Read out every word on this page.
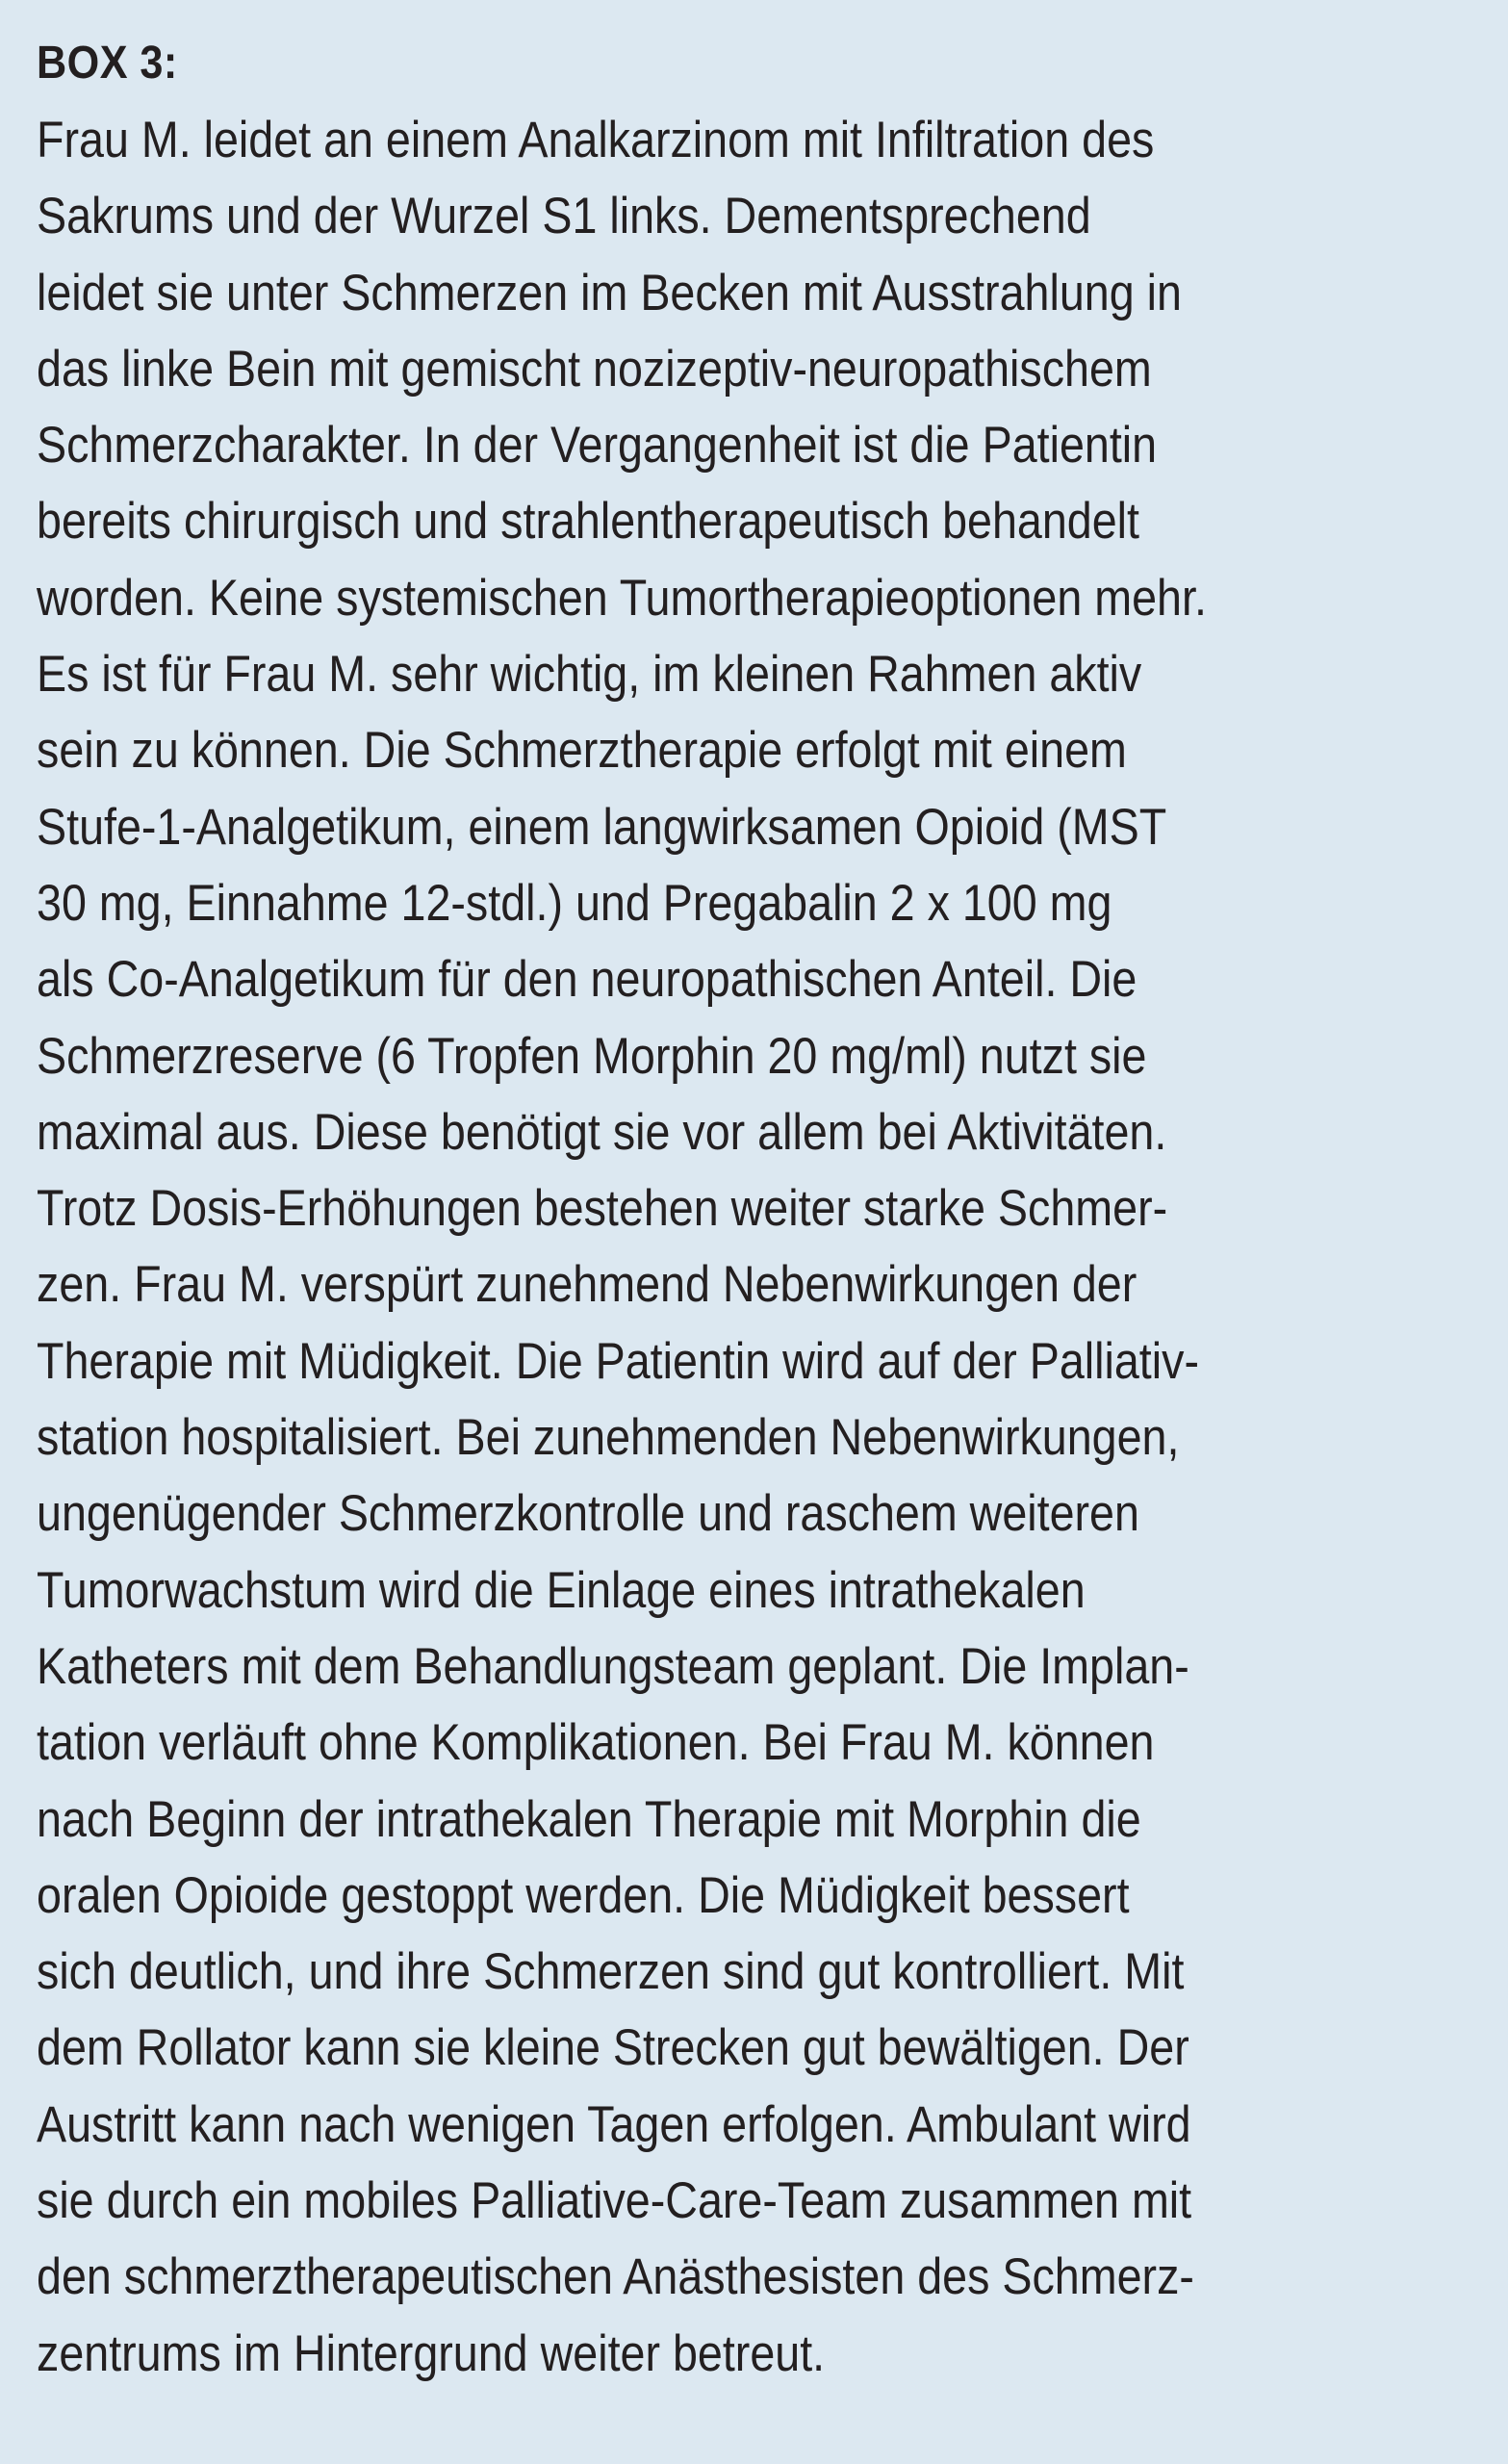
BOX 3:

Frau M. leidet an einem Analkarzinom mit Infiltration des
Sakrums und der Wurzel S1 links. Dementsprechend
leidet sie unter Schmerzen im Becken mit Ausstrahlung in
das linke Bein mit gemischt nozizeptiv-neuropathischem
Schmerzcharakter. In der Vergangenheit ist die Patientin
bereits chirurgisch und strahlentherapeutisch behandelt
worden. Keine systemischen Tumortherapieoptionen mehr.
Es ist für Frau M. sehr wichtig, im kleinen Rahmen aktiv
sein zu können. Die Schmerztherapie erfolgt mit einem
Stufe-1-Analgetikum, einem langwirksamen Opioid (MST
30 mg, Einnahme 12-stdl.) und Pregabalin 2 x 100 mg
als Co-Analgetikum für den neuropathischen Anteil. Die
Schmerzreserve (6 Tropfen Morphin 20 mg/ml) nutzt sie
maximal aus. Diese benötigt sie vor allem bei Aktivitäten.
Trotz Dosis-Erhöhungen bestehen weiter starke Schmer-
zen. Frau M. verspürt zunehmend Nebenwirkungen der
Therapie mit Müdigkeit. Die Patientin wird auf der Palliativ-
station hospitalisiert. Bei zunehmenden Nebenwirkungen,
ungenügender Schmerzkontrolle und raschem weiteren
Tumorwachstum wird die Einlage eines intrathekalen
Katheters mit dem Behandlungsteam geplant. Die Implan-
tation verläuft ohne Komplikationen. Bei Frau M. können
nach Beginn der intrathekalen Therapie mit Morphin die
oralen Opioide gestoppt werden. Die Müdigkeit bessert
sich deutlich, und ihre Schmerzen sind gut kontrolliert. Mit
dem Rollator kann sie kleine Strecken gut bewältigen. Der
Austritt kann nach wenigen Tagen erfolgen. Ambulant wird
sie durch ein mobiles Palliative-Care-Team zusammen mit
den schmerztherapeutischen Anästhesisten des Schmerz-
zentrums im Hintergrund weiter betreut.
